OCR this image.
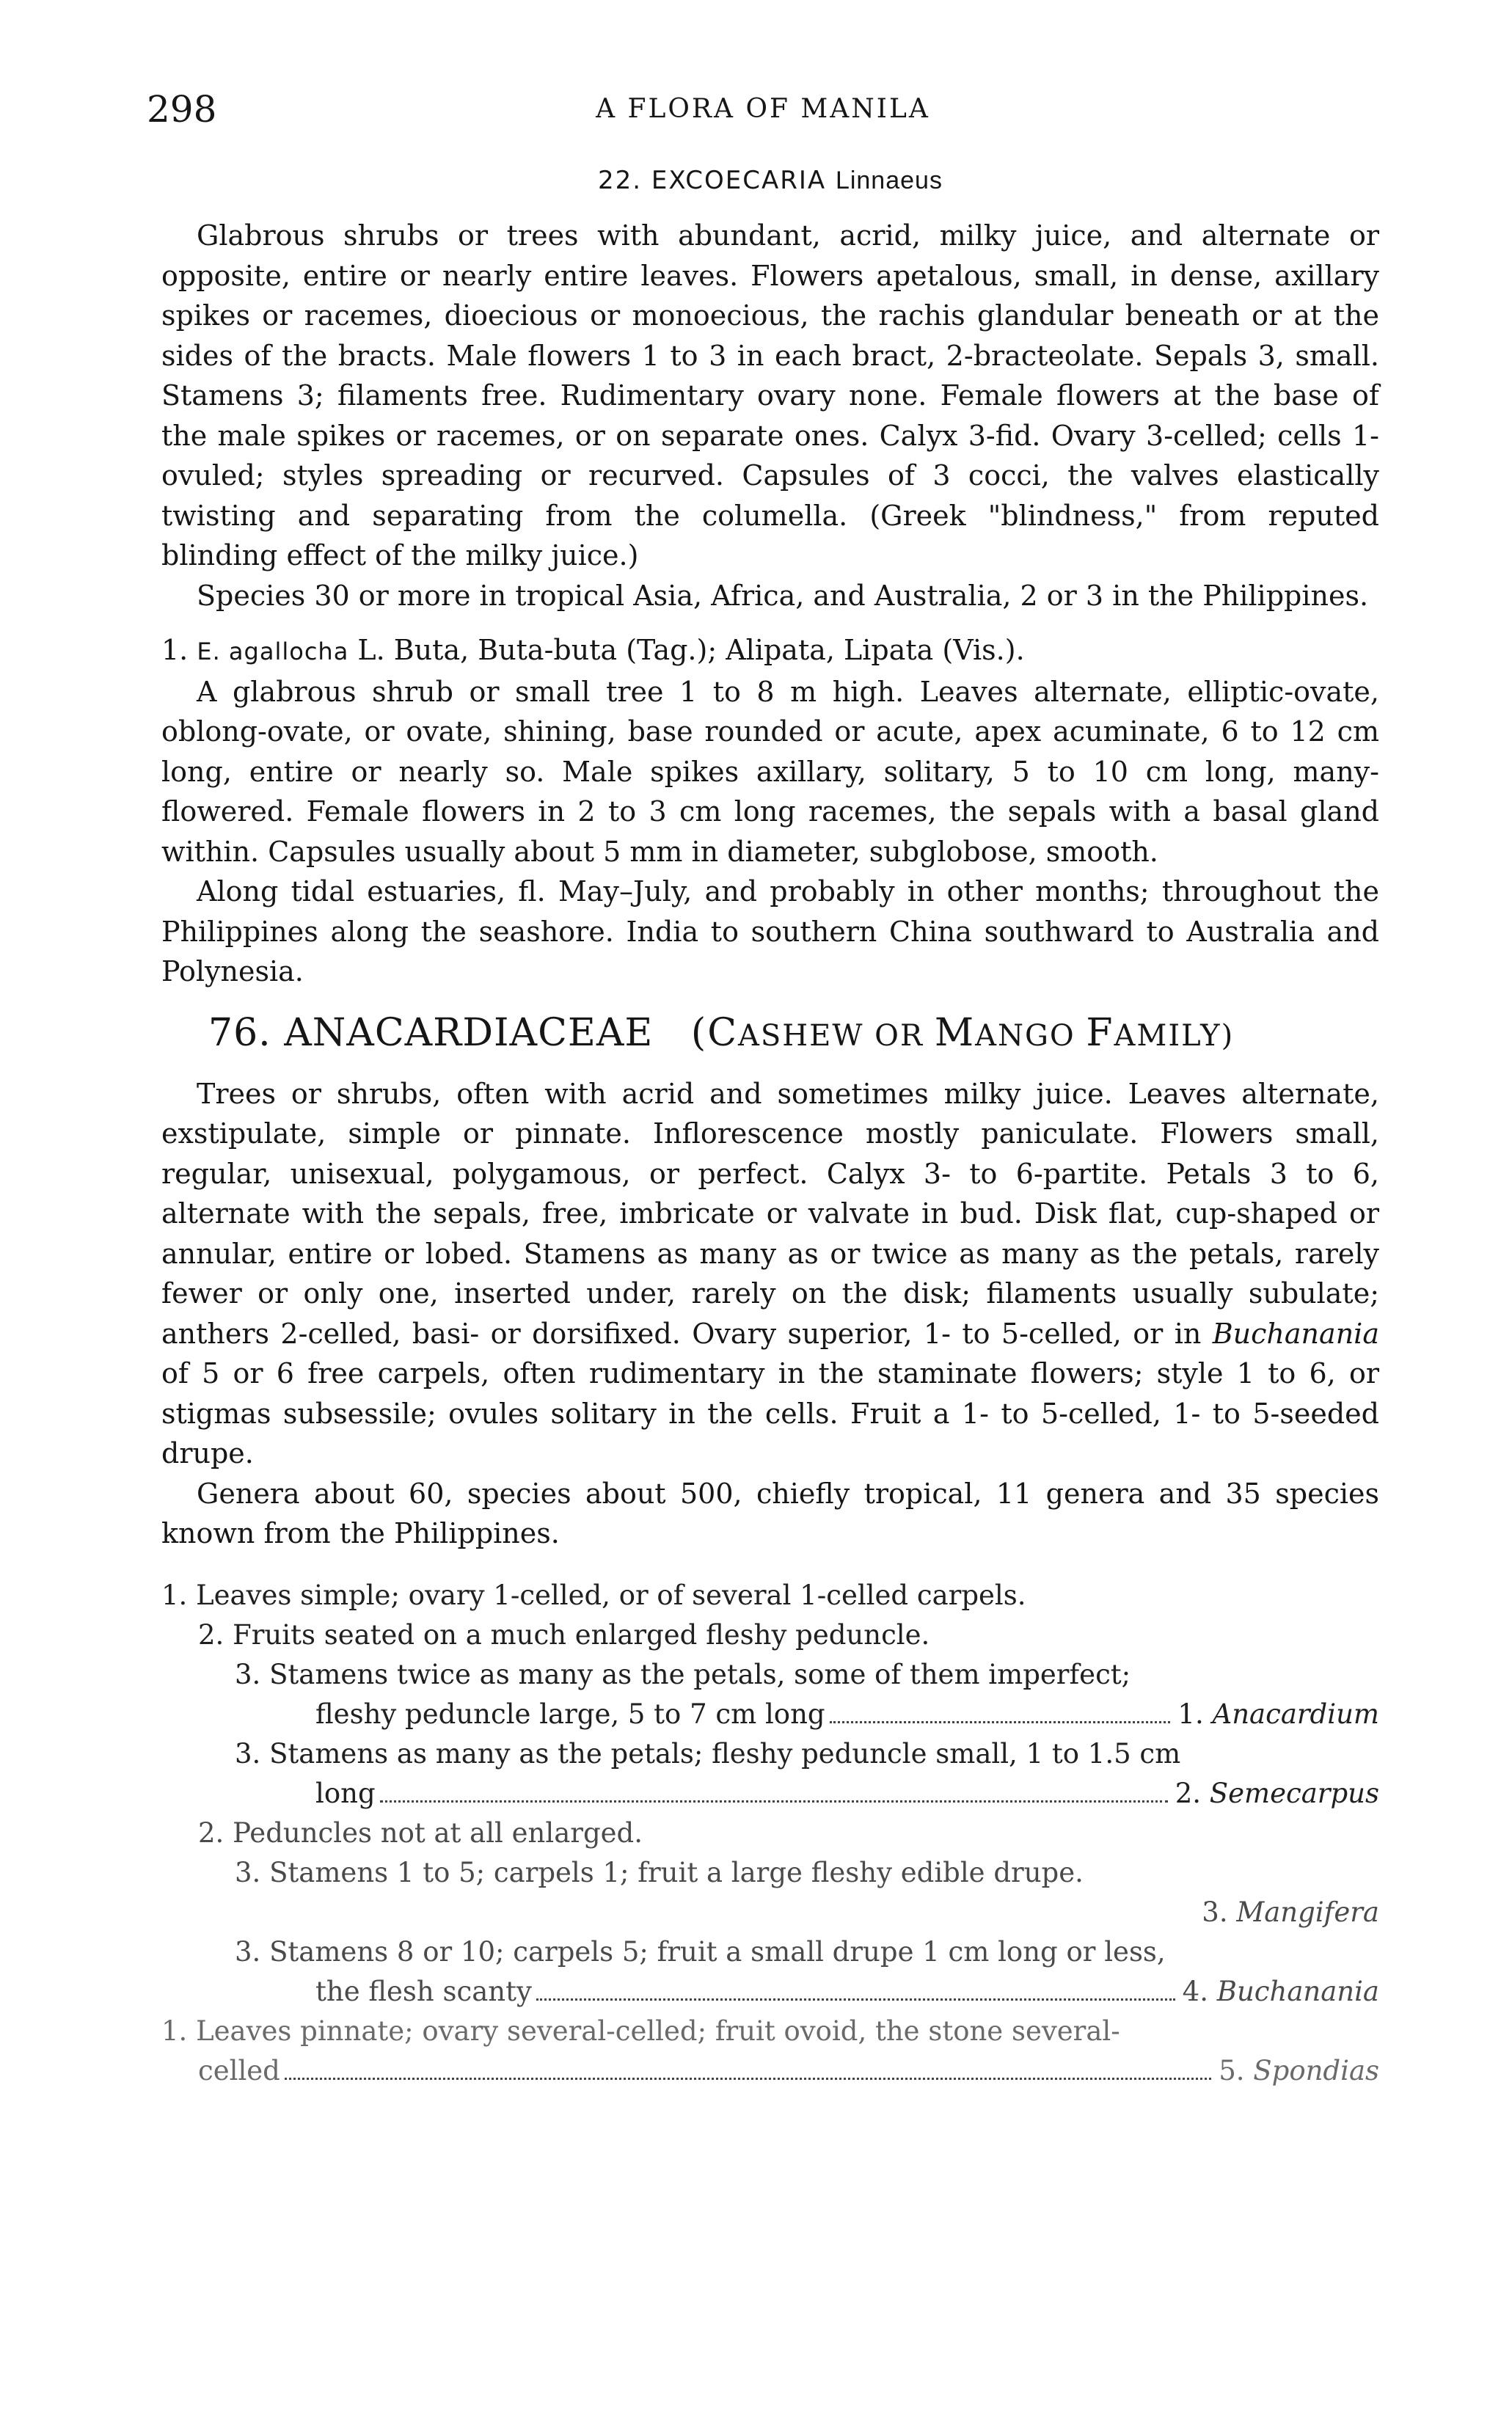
298	A FLORA OF MANILA
22. EXCOECARIA Linnaeus

Glabrous shrubs or trees with abundant, acrid, milky juice, and alternate or opposite, entire or nearly entire leaves. Flowers apetalous, small, in dense, axillary spikes or racemes, dioecious or monoecious, the rachis glandular beneath or at the sides of the bracts. Male flowers 1 to 3 in each bract, 2-bracteolate. Sepals 3, small. Stamens 3; filaments free. Rudimentary ovary none. Female flowers at the base of the male spikes or racemes, or on separate ones. Calyx 3-fid. Ovary 3-celled; cells 1-ovuled; styles spreading or recurved. Capsules of 3 cocci, the valves elastically twisting and separating from the columella. (Greek "blindness," from reputed blinding effect of the milky juice.)

Species 30 or more in tropical Asia, Africa, and Australia, 2 or 3 in the Philippines.

1. E. agallocha L. Buta, Buta-buta (Tag.); Alipata, Lipata (Vis.).

A glabrous shrub or small tree 1 to 8 m high. Leaves alternate, elliptic-ovate, oblong-ovate, or ovate, shining, base rounded or acute, apex acuminate, 6 to 12 cm long, entire or nearly so. Male spikes axillary, solitary, 5 to 10 cm long, many-flowered. Female flowers in 2 to 3 cm long racemes, the sepals with a basal gland within. Capsules usually about 5 mm in diameter, subglobose, smooth.

Along tidal estuaries, fl. May–July, and probably in other months; throughout the Philippines along the seashore. India to southern China southward to Australia and Polynesia.

76. ANACARDIACEAE (CASHEW OR MANGO FAMILY)

Trees or shrubs, often with acrid and sometimes milky juice. Leaves alternate, exstipulate, simple or pinnate. Inflorescence mostly paniculate. Flowers small, regular, unisexual, polygamous, or perfect. Calyx 3- to 6-partite. Petals 3 to 6, alternate with the sepals, free, imbricate or valvate in bud. Disk flat, cup-shaped or annular, entire or lobed. Stamens as many as or twice as many as the petals, rarely fewer or only one, inserted under, rarely on the disk; filaments usually subulate; anthers 2-celled, basi- or dorsifixed. Ovary superior, 1- to 5-celled, or in Buchanania of 5 or 6 free carpels, often rudimentary in the staminate flowers; style 1 to 6, or stigmas subsessile; ovules solitary in the cells. Fruit a 1- to 5-celled, 1- to 5-seeded drupe.

Genera about 60, species about 500, chiefly tropical, 11 genera and 35 species known from the Philippines.

1. Leaves simple; ovary 1-celled, or of several 1-celled carpels.
2. Fruits seated on a much enlarged fleshy peduncle.
3. Stamens twice as many as the petals, some of them imperfect;
fleshy peduncle large, 5 to 7 cm long	1. Anacardium
3. Stamens as many as the petals; fleshy peduncle small, 1 to 1.5 cm
long	2. Semecarpus
2. Peduncles not at all enlarged.
3. Stamens 1 to 5; carpels 1; fruit a large fleshy edible drupe.
3. Mangifera
3. Stamens 8 or 10; carpels 5; fruit a small drupe 1 cm long or less,
the flesh scanty	4. Buchanania
1. Leaves pinnate; ovary several-celled; fruit ovoid, the stone several-
celled	5. Spondias
